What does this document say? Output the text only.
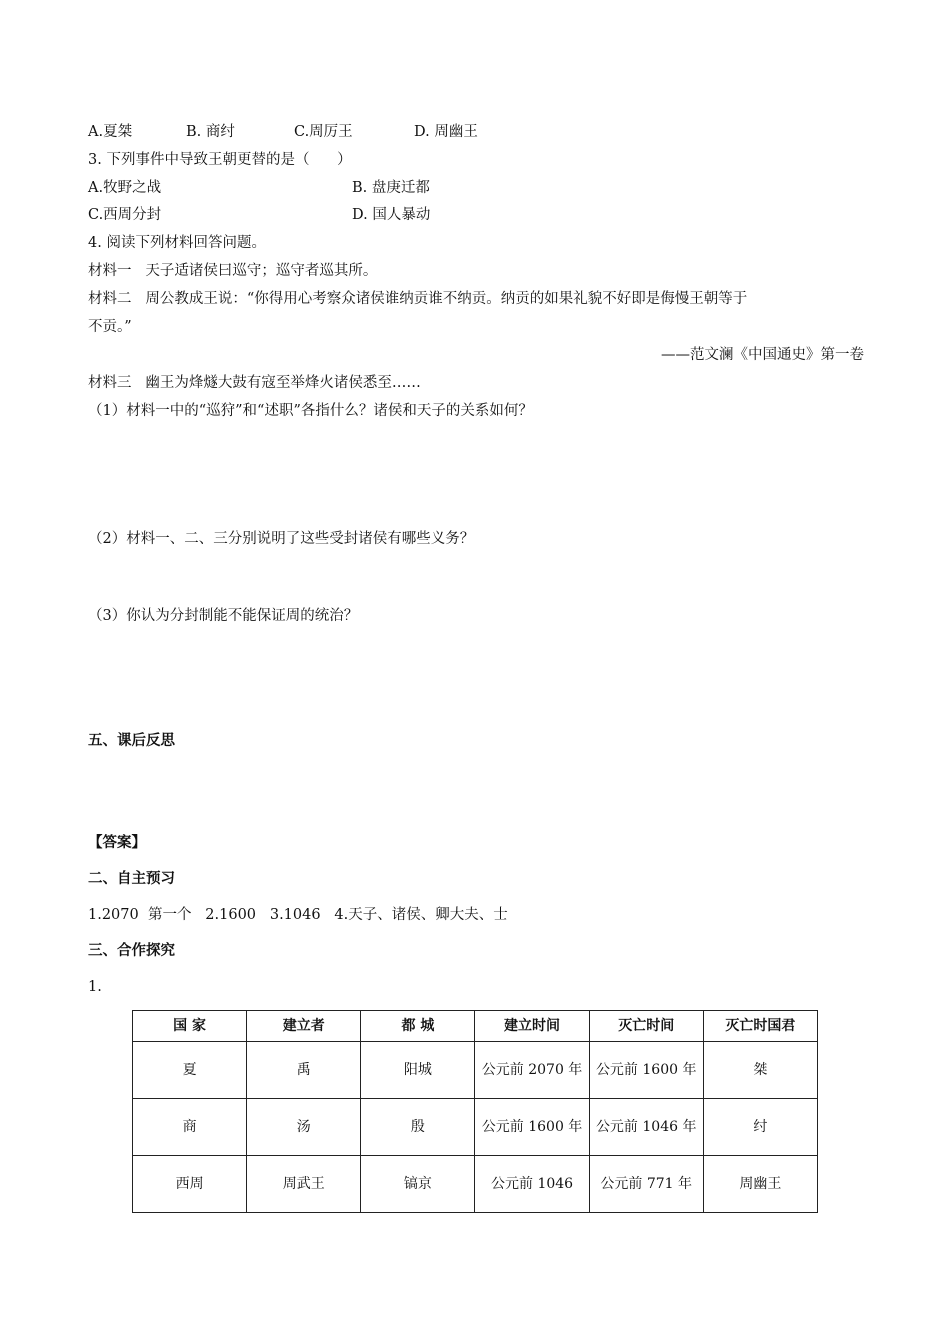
A.夏桀	B. 商纣	C.周厉王	D. 周幽王
3. 下列事件中导致王朝更替的是（      ）
A.牧野之战	B. 盘庚迁都
C.西周分封	D. 国人暴动
4. 阅读下列材料回答问题。
材料一   天子适诸侯曰巡守；巡守者巡其所。
材料二   周公教成王说：“你得用心考察众诸侯谁纳贡谁不纳贡。纳贡的如果礼貌不好即是侮慢王朝等于
不贡。”
——范文澜《中国通史》第一卷
材料三   幽王为烽燧大鼓有寇至举烽火诸侯悉至……
（1）材料一中的“巡狩”和“述职”各指什么？诸侯和天子的关系如何？
（2）材料一、二、三分别说明了这些受封诸侯有哪些义务？
（3）你认为分封制能不能保证周的统治？
五、课后反思
【答案】
二、自主预习
1.2070  第一个   2.1600   3.1046   4.天子、诸侯、卿大夫、士
三、合作探究
1.
国 家	建立者	都 城	建立时间	灭亡时间	灭亡时国君
夏	禹	阳城	公元前 2070 年	公元前 1600 年	桀
商	汤	殷	公元前 1600 年	公元前 1046 年	纣
西周	周武王	镐京	公元前 1046	公元前 771 年	周幽王
